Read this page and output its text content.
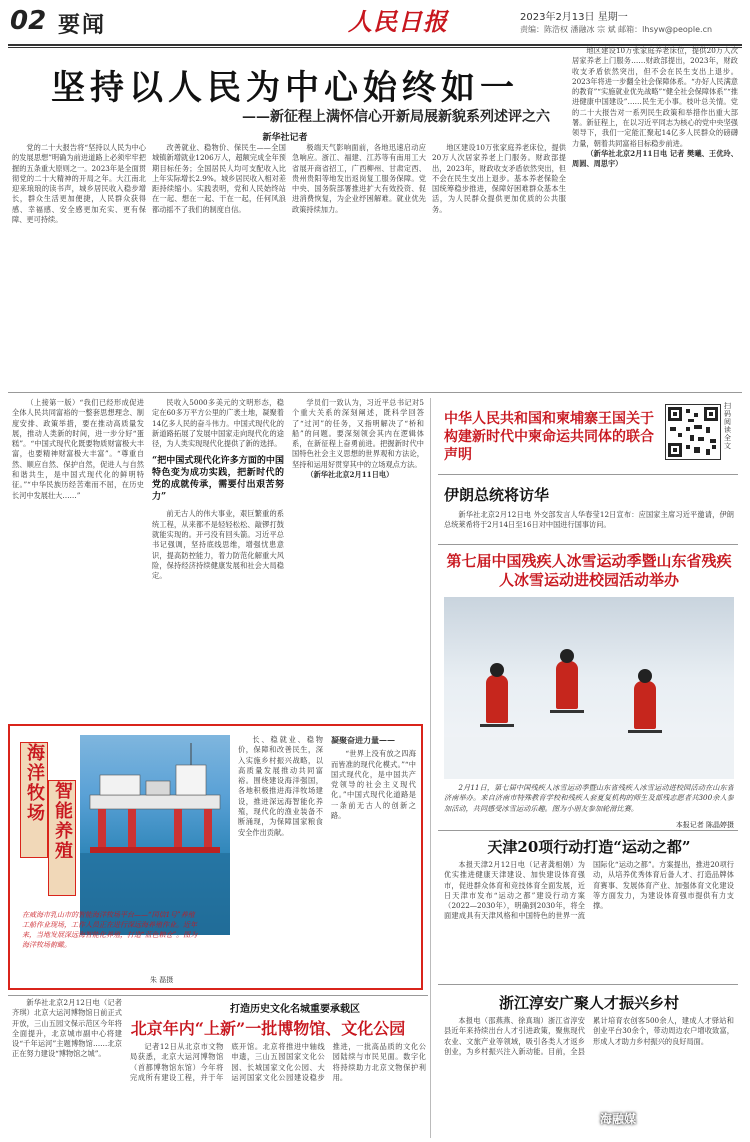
02 要闻	人民日报	2023年2月13日 星期一
责编：陈浩权 潘融冰 宗 斌 邮箱：lhsyw@people.cn
坚持以人民为中心始终如一
——新征程上满怀信心开新局展新貌系列述评之六
新华社记者

党的二十大报告将“坚持以人民为中心的发展思想”明确为前进道路上必须牢牢把握的五条重大原则之一。2023年是全面贯彻党的二十大精神的开局之年。大江南北迎来琅琅的读书声，城乡居民收入稳步增长，群众生活更加便捷，人民群众获得感、幸福感、安全感更加充实、更有保障、更可持续。

改善就业、稳物价、保民生——全国城镇新增就业1206万人，超额完成全年预期目标任务；全国居民人均可支配收入比上年实际增长2.9%。城乡居民收入相对差距持续缩小。实践表明，党和人民始终站在一起、想在一起、干在一起，任何风浪都动摇不了我们的制度自信。

极端天气影响面前，各地迅速启动应急响应。浙江、福建、江苏等有南用工大省展开商省招工，广西柳州、甘肃定西、贵州贵阳等地发出返岗复工服务保障。党中央、国务院部署推进扩大有效投资、促进消费恢复，为企业纾困解难。就业优先政策持续加力。

地区建设10万张家庭养老床位，提供20万人次居家养老上门服务。财政部提出，2023年，财政收支矛盾依然突出，但不会在民生支出上退步。基本养老保险全国统筹稳步推进，保障好困难群众基本生活，为人民群众提供更加优质的公共服务。

地区建设10万张家庭养老床位，提供20万人次居家养老上门服务……财政部提出，2023年，财政收支矛盾依然突出，但不会在民生支出上退步。2023年将进一步翻全社会保障体系。“办好人民满意的教育”“实施就业优先战略”“健全社会保障体系”“推进健康中国建设”……民生无小事。枝叶总关情。党的二十大报告对一系列民生政策和举措作出重大部署。新征程上，在以习近平同志为核心的党中央坚强领导下，我们一定能汇聚起14亿多人民群众的磅礴力量，朝着共同富裕目标稳步前进。

（新华社北京2月11日电 记者 樊曦、王优玲、周圆、周思宇）

（上接第一版）“我们已经形成促进全体人民共同富裕的一整套思想理念、制度安排、政策举措，要在推动高质量发展，推动人类新的时间，进一步分好“蛋糕”。“中国式现代化既要物质财富极大丰富，也要精神财富极大丰富”。“尊重自然、顺应自然、保护自然，促进人与自然和谐共生，是中国式现代化的鲜明特征。”“中华民族历经苦难而不屈，在历史长河中发展壮大……”

民收入5000多美元的文明形态，稳定在60多万平方公里的广袤土地，凝聚着14亿多人民的奋斗伟力。中国式现代化的新道路拓展了发展中国家走向现代化的途径，为人类实现现代化提供了新的选择。

“把中国式现代化许多方面的中国特色变为成功实践，把新时代的党的成就传承，需要付出艰苦努力”

前无古人的伟大事业，艰巨繁重的系统工程，从来都不是轻轻松松、敲锣打鼓就能实现的。开弓没有回头箭。习近平总书记强调，坚持底线思维，增强忧患意识，提高防控能力，着力防范化解重大风险，保持经济持续健康发展和社会大局稳定。

学员们一致认为，习近平总书记对5个重大关系的深刻阐述，既科学回答了“过河”的任务，又指明解决了“桥和船”的问题。要深刻领会其内在逻辑体系，在新征程上奋勇前进。把握新时代中国特色社会主义思想的世界观和方法论，坚持和运用好贯穿其中的立场观点方法。

（新华社北京2月11日电）

中华人民共和国和柬埔寨王国关于构建新时代中柬命运共同体的联合声明
扫码阅读全文
伊朗总统将访华

新华社北京2月12日电 外交部发言人华春莹12日宣布：应国家主席习近平邀请，伊朗总统莱希将于2月14日至16日对中国进行国事访问。

第七届中国残疾人冰雪运动季暨山东省残疾人冰雪运动进校园活动举办

2月11日，第七届中国残疾人冰雪运动季暨山东省残疾人冰雪运动进校园活动在山东省济南举办。来自济南市特殊教育学校和残疾人套夏复机构的师生及部残志愿者共300余人参加活动，共同感受冰雪运动乐趣。图为小朋友参加轮滑比赛。

本报记者 陈晶婷摄
天津20项行动打造“运动之都”

本报天津2月12日电（记者龚相娟）为优实推进健康天津建设、加快建设体育强市，促进群众体育和竞技体育全面发展，近日天津市发布“运动之都”建设行动方案（2022—2030年），明确到2030年，将全面建成具有天津风格和中国特色的世界一流国际化“运动之都”。方案提出，推进20项行动，从培养优秀体育后备人才、打造品牌体育赛事、发展体育产业、加强体育文化建设等方面发力，为建设体育强市提供有力支撑。

浙江淳安广聚人才振兴乡村

本报电（邵燕燕、徐真瑞）浙江省淳安县近年来持续出台人才引进政策，聚焦现代农业、文旅产业等领域，吸引各类人才返乡创业，为乡村振兴注入新动能。目前，全县累计培育农创客500余人，建成人才驿站和创业平台30余个，带动周边农户增收致富，形成人才助力乡村振兴的良好局面。

海洋牧场 智能养殖
在威海市乳山市的智能海洋牧场平台——“国信1号”养殖工船作业现场，工作人员正在进行深远海养殖作业。近年来，当地发展深远海智能化养殖，打造“蓝色粮仓”。图为海洋牧场俯瞰。
朱 磊摄

长、稳就业、稳物价，保障和改善民生，深入实施乡村振兴战略，以高质量发展推动共同富裕。围绕建设海洋强国，各地积极推进海洋牧场建设，推进深远海智能化养殖，现代化的渔业装备不断涌现，为保障国家粮食安全作出贡献。

凝聚奋进力量——

“世界上没有放之四海而皆准的现代化模式。”“中国式现代化，是中国共产党领导的社会主义现代化。”中国式现代化道路是一条前无古人的创新之路。

新华社北京2月12日电（记者齐琪）北京大运河博物馆日前正式开放，三山五园文保示范区今年将全面提升，北京城市副中心将建设“千年运河”主题博物馆……北京正在努力建设“博物馆之城”。

打造历史文化名城重要承载区
北京年内“上新”一批博物馆、文化公园

记者12日从北京市文物局获悉，北京大运河博物馆（首都博物馆东馆）今年将完成所有建设工程，并于年底开馆。北京将推进中轴线申遗，三山五园国家文化公园、长城国家文化公园、大运河国家文化公园建设稳步推进，一批高品质的文化公园陆续与市民见面。数字化将持续助力北京文物保护利用。

海融媒
